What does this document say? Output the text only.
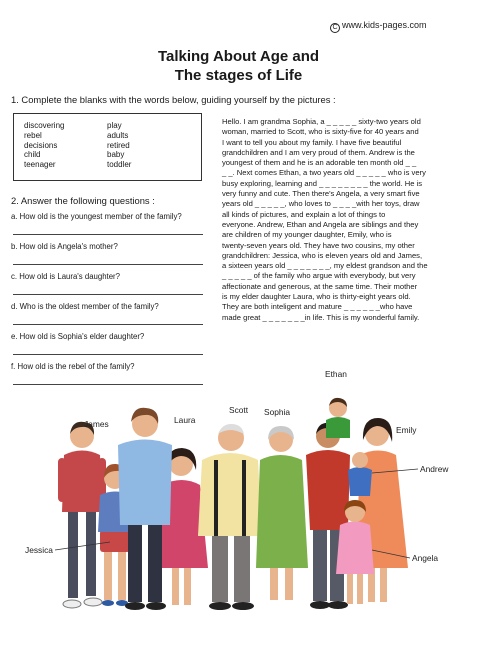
C www.kids-pages.com
Talking About Age and
The stages of Life
1. Complete the blanks with the words below, guiding yourself by the pictures :
discovering
rebel
decisions
child
teenager
play
adults
retired
baby
toddler
2. Answer the following questions :
a. How old is the youngest member of the family?
b. How old is Angela's mother?
c. How old is Laura's daughter?
d. Who is the oldest member of the family?
e. How old is Sophia's elder daughter?
f. How old is the rebel of the family?
Hello. I am grandma Sophia, a _ _ _ _ _ sixty-two years old
woman, married to Scott, who is sixty-five for 40 years and
I want to tell you about my family. I have five beautiful
grandchildren and I am very proud of them. Andrew is the
youngest of them and he is an adorable ten month old _ _
_ _. Next comes Ethan, a two years old _ _ _ _ _ who is very
busy exploring, learning and _ _ _ _ _ _ _ _ the world. He is
very funny and cute. Then there's Angela, a very smart five
years old _ _ _ _ _, who loves to _ _ _ _with her toys, draw
all kinds of pictures, and explain a lot of things to
everyone. Andrew, Ethan and Angela are siblings and they
are children of my younger daughter, Emily, who is
twenty-seven years old. They have two cousins, my other
grandchildren: Jessica, who is eleven years old and James,
a sixteen years old _ _ _ _ _ _ _, my eldest grandson and the
_ _ _ _ _ of the family who argue with everybody, but very
affectionate and generous, at the same time. Their mother
is my elder daughter Laura, who is thirty-eight years old.
They are both inteligent and mature _ _ _ _ _ _who have
made great _ _ _ _ _ _ _in life. This is my wonderful family.
Ethan
Scott Sophia
James	Laura
Emily
Andrew
Jessica
Angela
